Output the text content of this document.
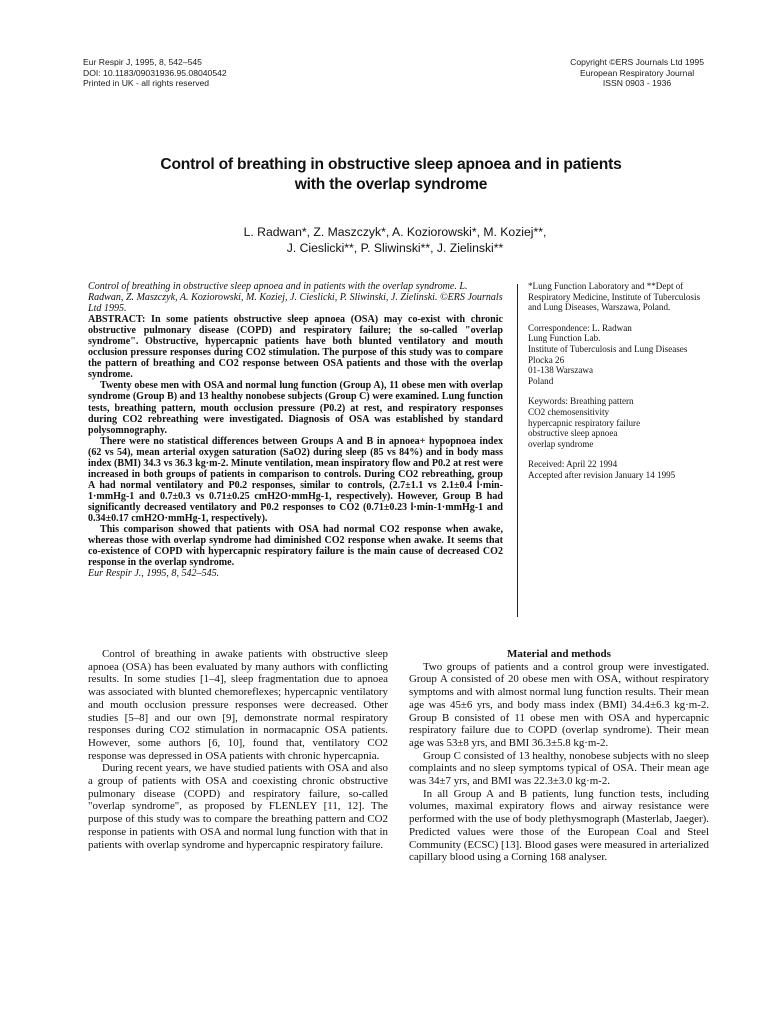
Eur Respir J, 1995, 8, 542–545
DOI: 10.1183/09031936.95.08040542
Printed in UK - all rights reserved
Copyright ©ERS Journals Ltd 1995
European Respiratory Journal
ISSN 0903 - 1936
Control of breathing in obstructive sleep apnoea and in patients
with the overlap syndrome
L. Radwan*, Z. Maszczyk*, A. Koziorowski*, M. Koziej**,
J. Cieslicki**, P. Sliwinski**, J. Zielinski**

Control of breathing in obstructive sleep apnoea and in patients with the overlap syndrome. L. Radwan, Z. Maszczyk, A. Koziorowski, M. Koziej, J. Cieslicki, P. Sliwinski, J. Zielinski. ©ERS Journals Ltd 1995.

ABSTRACT: In some patients obstructive sleep apnoea (OSA) may co-exist with chronic obstructive pulmonary disease (COPD) and respiratory failure; the so-called "overlap syndrome". Obstructive, hypercapnic patients have both blunted ventilatory and mouth occlusion pressure responses during CO2 stimulation. The purpose of this study was to compare the pattern of breathing and CO2 response between OSA patients and those with the overlap syndrome.

Twenty obese men with OSA and normal lung function (Group A), 11 obese men with overlap syndrome (Group B) and 13 healthy nonobese subjects (Group C) were examined. Lung function tests, breathing pattern, mouth occlusion pressure (P0.2) at rest, and respiratory responses during CO2 rebreathing were investigated. Diagnosis of OSA was established by standard polysomnography.

There were no statistical differences between Groups A and B in apnoea+ hypopnoea index (62 vs 54), mean arterial oxygen saturation (SaO2) during sleep (85 vs 84%) and in body mass index (BMI) 34.3 vs 36.3 kg·m-2. Minute ventilation, mean inspiratory flow and P0.2 at rest were increased in both groups of patients in comparison to controls. During CO2 rebreathing, group A had normal ventilatory and P0.2 responses, similar to controls, (2.7±1.1 vs 2.1±0.4 l·min-1·mmHg-1 and 0.7±0.3 vs 0.71±0.25 cmH2O·mmHg-1, respectively). However, Group B had significantly decreased ventilatory and P0.2 responses to CO2 (0.71±0.23 l·min-1·mmHg-1 and 0.34±0.17 cmH2O·mmHg-1, respectively).

This comparison showed that patients with OSA had normal CO2 response when awake, whereas those with overlap syndrome had diminished CO2 response when awake. It seems that co-existence of COPD with hypercapnic respiratory failure is the main cause of decreased CO2 response in the overlap syndrome.

Eur Respir J., 1995, 8, 542–545.

*Lung Function Laboratory and **Dept of Respiratory Medicine, Institute of Tuberculosis and Lung Diseases, Warszawa, Poland.

Correspondence: L. Radwan
Lung Function Lab.
Institute of Tuberculosis and Lung Diseases
Plocka 26
01-138 Warszawa
Poland

Keywords: Breathing pattern
CO2 chemosensitivity
hypercapnic respiratory failure
obstructive sleep apnoea
overlap syndrome

Received: April 22 1994
Accepted after revision January 14 1995

Control of breathing in awake patients with obstructive sleep apnoea (OSA) has been evaluated by many authors with conflicting results. In some studies [1–4], sleep fragmentation due to apnoea was associated with blunted chemoreflexes; hypercapnic ventilatory and mouth occlusion pressure responses were decreased. Other studies [5–8] and our own [9], demonstrate normal respiratory responses during CO2 stimulation in normacapnic OSA patients. However, some authors [6, 10], found that, ventilatory CO2 response was depressed in OSA patients with chronic hypercapnia.

During recent years, we have studied patients with OSA and also a group of patients with OSA and coexisting chronic obstructive pulmonary disease (COPD) and respiratory failure, so-called "overlap syndrome", as proposed by FLENLEY [11, 12]. The purpose of this study was to compare the breathing pattern and CO2 response in patients with OSA and normal lung function with that in patients with overlap syndrome and hypercapnic respiratory failure.

Material and methods

Two groups of patients and a control group were investigated. Group A consisted of 20 obese men with OSA, without respiratory symptoms and with almost normal lung function results. Their mean age was 45±6 yrs, and body mass index (BMI) 34.4±6.3 kg·m-2. Group B consisted of 11 obese men with OSA and hypercapnic respiratory failure due to COPD (overlap syndrome). Their mean age was 53±8 yrs, and BMI 36.3±5.8 kg·m-2.

Group C consisted of 13 healthy, nonobese subjects with no sleep complaints and no sleep symptoms typical of OSA. Their mean age was 34±7 yrs, and BMI was 22.3±3.0 kg·m-2.

In all Group A and B patients, lung function tests, including volumes, maximal expiratory flows and airway resistance were performed with the use of body plethysmograph (Masterlab, Jaeger). Predicted values were those of the European Coal and Steel Community (ECSC) [13]. Blood gases were measured in arterialized capillary blood using a Corning 168 analyser.
